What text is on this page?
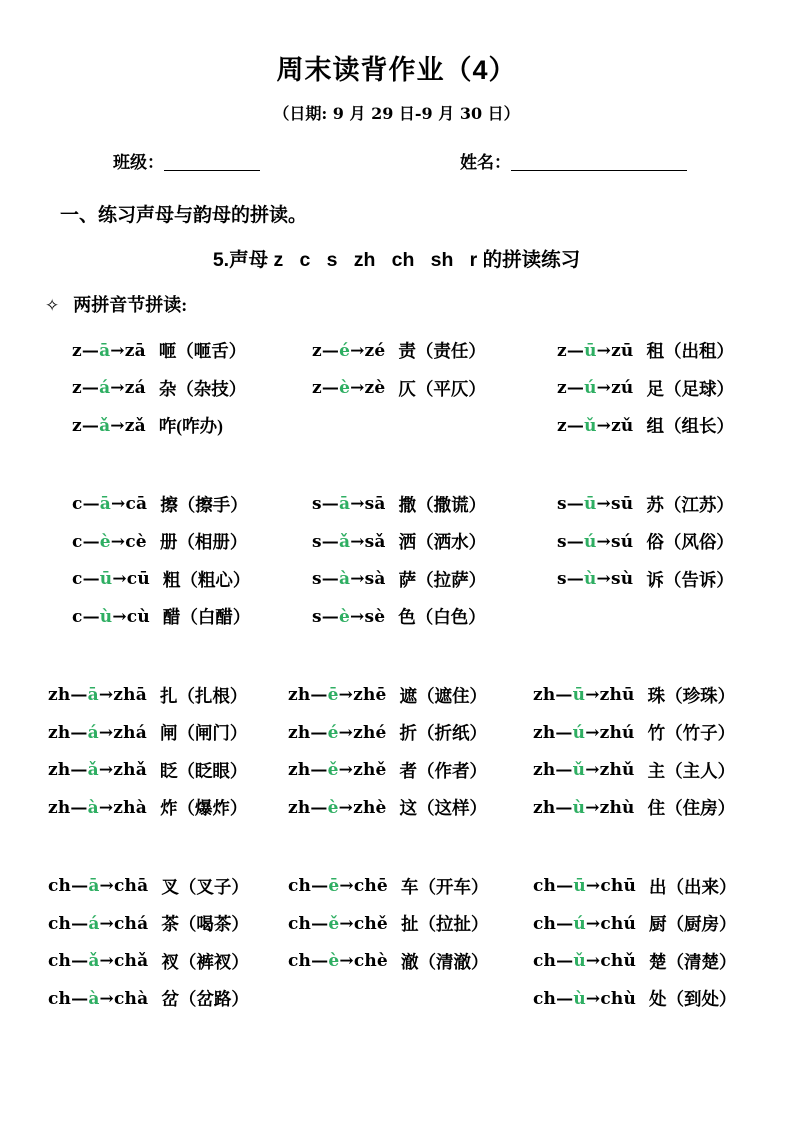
周末读背作业（4）
（日期: 9 月 29 日-9 月 30 日）
班级：	姓名：
一、练习声母与韵母的拼读。
5.声母 z   c   s   zh   ch   sh   r 的拼读练习
✧ 两拼音节拼读:
z — ā → zā 咂（咂舌）
z — á → zá 杂（杂技）
z — ǎ → zǎ 咋(咋办)
z — é → zé 责（责任）
z — è → zè 仄（平仄）
z — ū → zū 租（出租）
z — ú → zú 足（足球）
z — ǔ → zǔ 组（组长）
c — ā → cā 擦（擦手）
c — è → cè 册（相册）
c — ū → cū 粗（粗心）
c — ù → cù 醋（白醋）
s — ā → sā 撒（撒谎）
s — ǎ → sǎ 洒（洒水）
s — à → sà 萨（拉萨）
s — è → sè 色（白色）
s — ū → sū 苏（江苏）
s — ú → sú 俗（风俗）
s — ù → sù 诉（告诉）
zh — ā → zhā 扎（扎根）
zh — á → zhá 闸（闸门）
zh — ǎ → zhǎ 眨（眨眼）
zh — à → zhà 炸（爆炸）
zh — ē → zhē 遮（遮住）
zh — é → zhé 折（折纸）
zh — ě → zhě 者（作者）
zh — è → zhè 这（这样）
zh — ū → zhū 珠（珍珠）
zh — ú → zhú 竹（竹子）
zh — ǔ → zhǔ 主（主人）
zh — ù → zhù 住（住房）
ch — ā → chā 叉（叉子）
ch — á → chá 茶（喝茶）
ch — ǎ → chǎ 衩（裤衩）
ch — à → chà 岔（岔路）
ch — ē → chē 车（开车）
ch — ě → chě 扯（拉扯）
ch — è → chè 澈（清澈）
ch — ū → chū 出（出来）
ch — ú → chú 厨（厨房）
ch — ǔ → chǔ 楚（清楚）
ch — ù → chù 处（到处）
